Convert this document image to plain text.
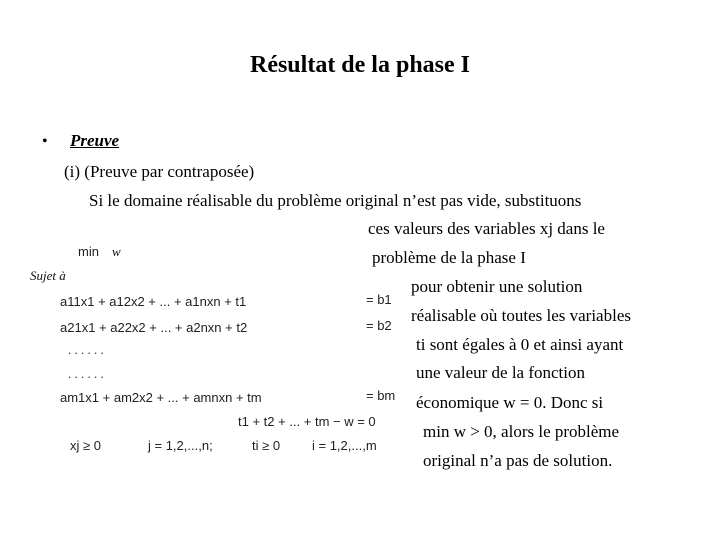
Résultat de la phase I
• Preuve
(i) (Preuve par contraposée)
Si le domaine réalisable du problème original n’est pas vide, substituons
ces valeurs des variables xj dans le
problème de la phase I
pour obtenir une solution
réalisable où toutes les variables
ti sont égales à 0 et ainsi ayant
une valeur de la fonction
économique w = 0. Donc si
min w > 0, alors le problème
original n’a pas de solution.
min w
Sujet à
a11x1 + a12x2 + ... + a1nxn + t1	= b1
a21x1 + a22x2 + ... + a2nxn + t2	= b2
. . . . . .
. . . . . .
am1x1 + am2x2 + ... + amnxn + tm	= bm
t1 + t2 + ... + tm − w = 0
xj ≥ 0	j = 1,2,...,n;	ti ≥ 0 i = 1,2,...,m
